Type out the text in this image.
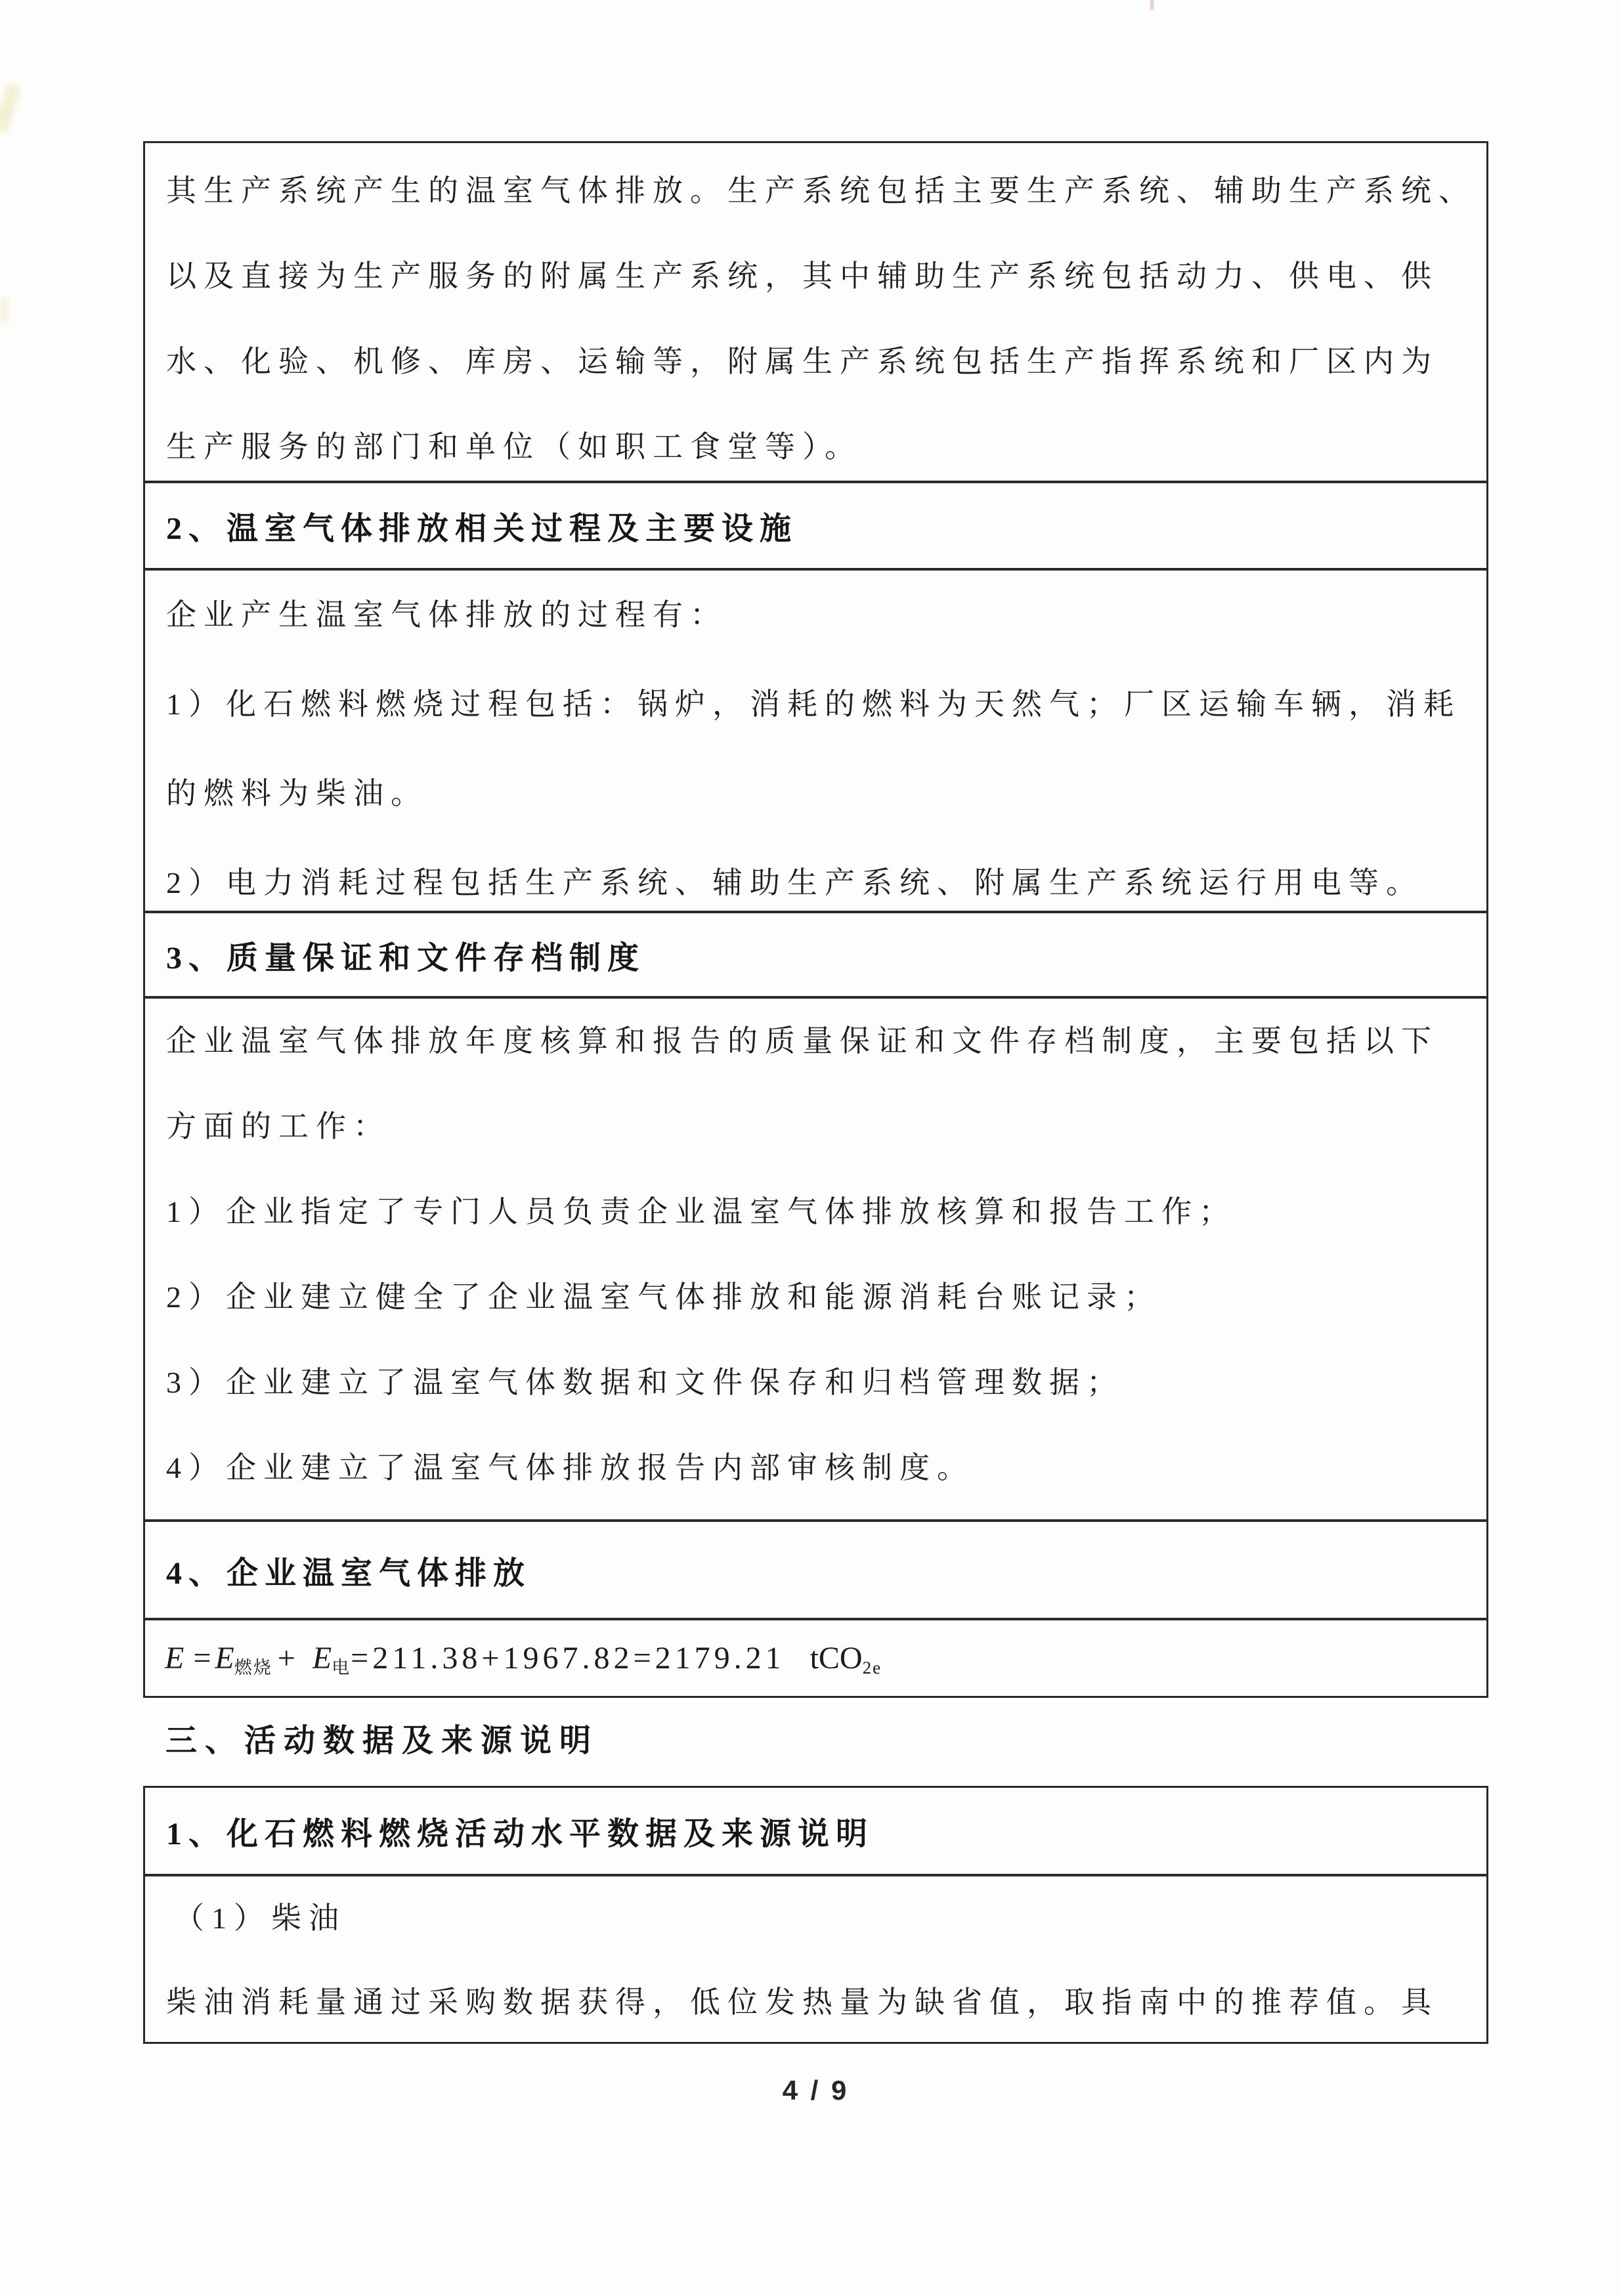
其生产系统产生的温室气体排放。生产系统包括主要生产系统、辅助生产系统、
以及直接为生产服务的附属生产系统，其中辅助生产系统包括动力、供电、供
水、化验、机修、库房、运输等，附属生产系统包括生产指挥系统和厂区内为
生产服务的部门和单位（如职工食堂等）。
2、温室气体排放相关过程及主要设施
企业产生温室气体排放的过程有：
1）化石燃料燃烧过程包括：锅炉，消耗的燃料为天然气；厂区运输车辆，消耗
的燃料为柴油。
2）电力消耗过程包括生产系统、辅助生产系统、附属生产系统运行用电等。
3、质量保证和文件存档制度
企业温室气体排放年度核算和报告的质量保证和文件存档制度，主要包括以下
方面的工作：
1）企业指定了专门人员负责企业温室气体排放核算和报告工作；
2）企业建立健全了企业温室气体排放和能源消耗台账记录；
3）企业建立了温室气体数据和文件保存和归档管理数据；
4）企业建立了温室气体排放报告内部审核制度。
4、企业温室气体排放
$E = E_{燃烧} + E_电 =211.38+1967.82=2179.21$ tCO$_{2e}$
三、活动数据及来源说明
1、化石燃料燃烧活动水平数据及来源说明
（1）柴油
柴油消耗量通过采购数据获得，低位发热量为缺省值，取指南中的推荐值。具
4 / 9
